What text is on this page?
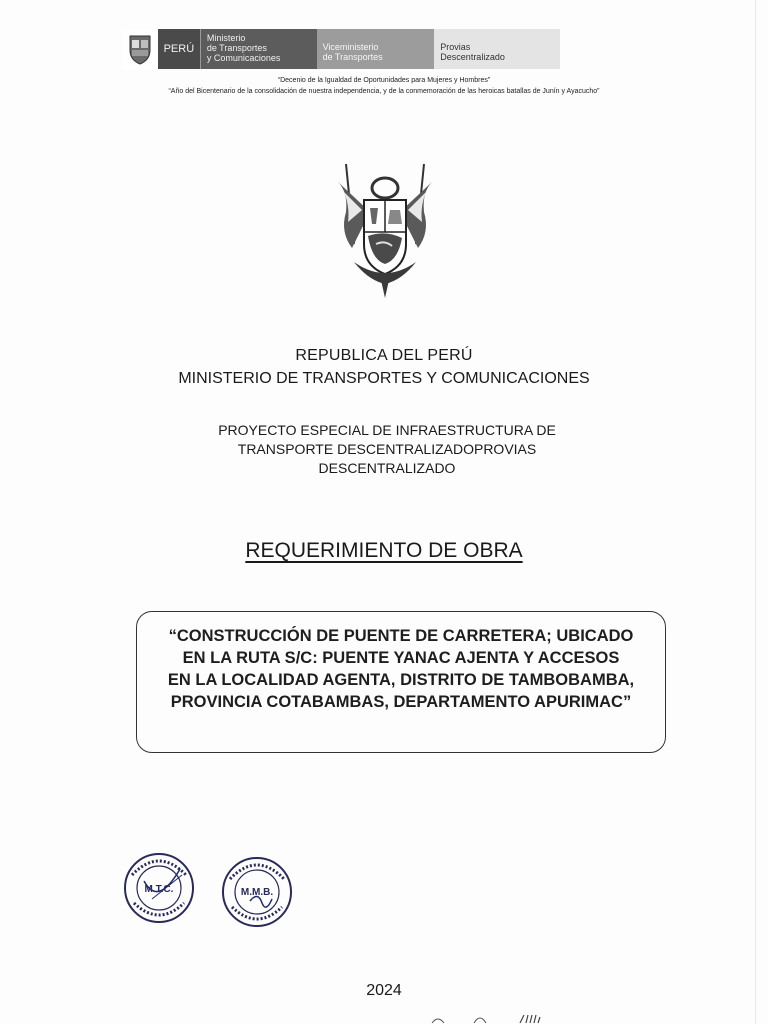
PERÚ
Ministerio
de Transportes
y Comunicaciones
Viceministerio
de Transportes
Provias
Descentralizado
“Decenio de la Igualdad de Oportunidades para Mujeres y Hombres”
“Año del Bicentenario de la consolidación de nuestra independencia, y de la conmemoración de las heroicas batallas de Junín y Ayacucho”
REPUBLICA DEL PERÚ
MINISTERIO DE TRANSPORTES Y COMUNICACIONES
PROYECTO ESPECIAL DE INFRAESTRUCTURA DE
TRANSPORTE DESCENTRALIZADOPROVIAS
DESCENTRALIZADO
REQUERIMIENTO DE OBRA
“CONSTRUCCIÓN DE PUENTE DE CARRETERA; UBICADO
EN LA RUTA S/C: PUENTE YANAC AJENTA Y ACCESOS
EN LA LOCALIDAD AGENTA, DISTRITO DE TAMBOBAMBA,
PROVINCIA COTABAMBAS, DEPARTAMENTO APURIMAC”
M.T.C.	M.M.B.
2024
